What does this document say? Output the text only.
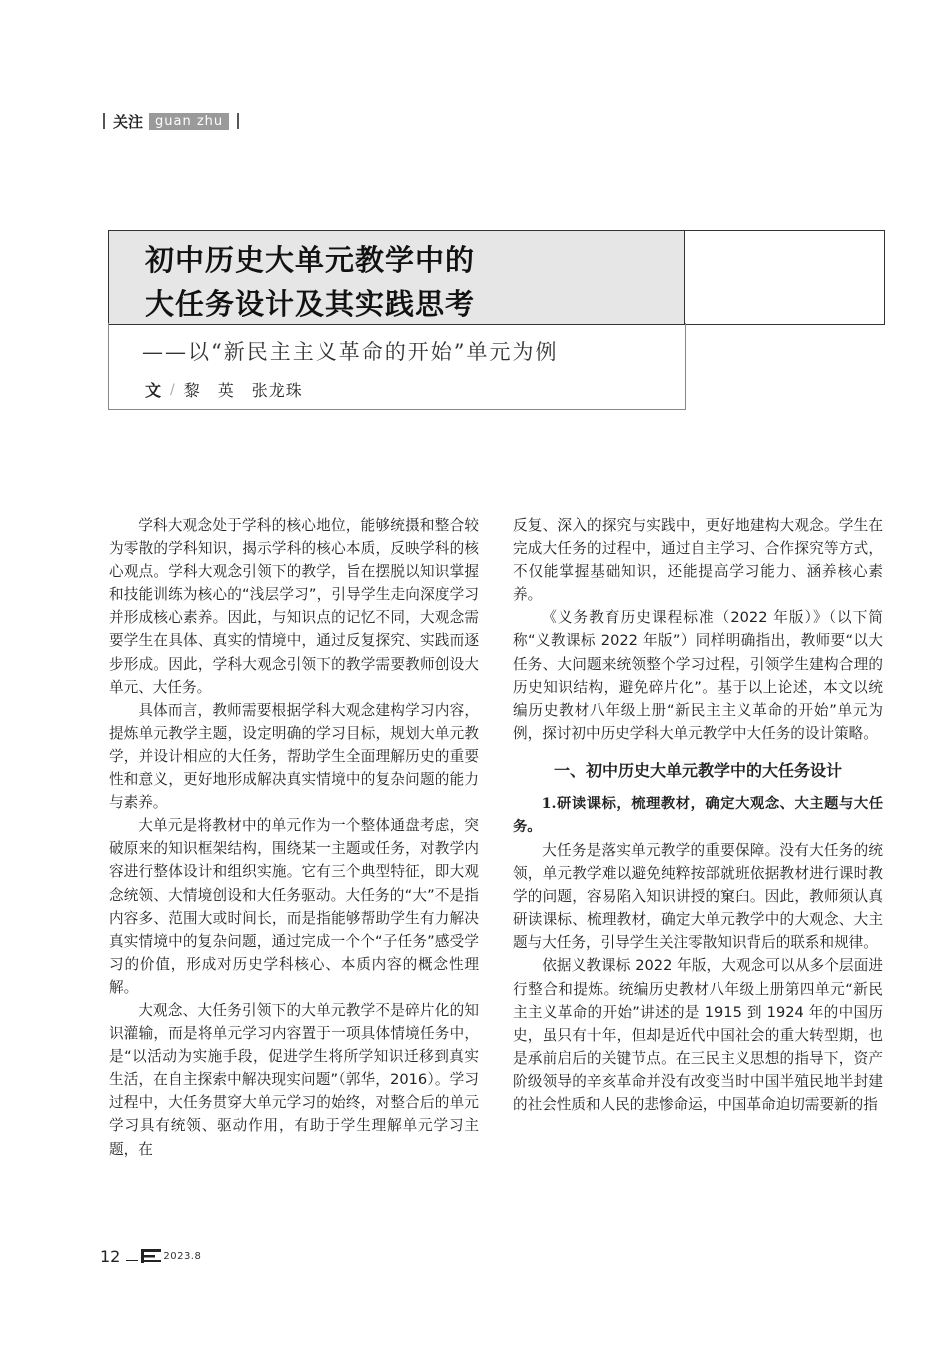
关注 guan zhu
初中历史大单元教学中的
大任务设计及其实践思考
——以“新民主主义革命的开始”单元为例
文 / 黎　英　张龙珠

学科大观念处于学科的核心地位，能够统摄和整合较为零散的学科知识，揭示学科的核心本质，反映学科的核心观点。学科大观念引领下的教学，旨在摆脱以知识掌握和技能训练为核心的“浅层学习”，引导学生走向深度学习并形成核心素养。因此，与知识点的记忆不同，大观念需要学生在具体、真实的情境中，通过反复探究、实践而逐步形成。因此，学科大观念引领下的教学需要教师创设大单元、大任务。

具体而言，教师需要根据学科大观念建构学习内容，提炼单元教学主题，设定明确的学习目标，规划大单元教学，并设计相应的大任务，帮助学生全面理解历史的重要性和意义，更好地形成解决真实情境中的复杂问题的能力与素养。

大单元是将教材中的单元作为一个整体通盘考虑，突破原来的知识框架结构，围绕某一主题或任务，对教学内容进行整体设计和组织实施。它有三个典型特征，即大观念统领、大情境创设和大任务驱动。大任务的“大”不是指内容多、范围大或时间长，而是指能够帮助学生有力解决真实情境中的复杂问题，通过完成一个个“子任务”感受学习的价值，形成对历史学科核心、本质内容的概念性理解。

大观念、大任务引领下的大单元教学不是碎片化的知识灌输，而是将单元学习内容置于一项具体情境任务中，是“以活动为实施手段，促进学生将所学知识迁移到真实生活，在自主探索中解决现实问题”（郭华，2016）。学习过程中，大任务贯穿大单元学习的始终，对整合后的单元学习具有统领、驱动作用，有助于学生理解单元学习主题，在

反复、深入的探究与实践中，更好地建构大观念。学生在完成大任务的过程中，通过自主学习、合作探究等方式，不仅能掌握基础知识，还能提高学习能力、涵养核心素养。

《义务教育历史课程标准（2022 年版）》（以下简称“义教课标 2022 年版”）同样明确指出，教师要“以大任务、大问题来统领整个学习过程，引领学生建构合理的历史知识结构，避免碎片化”。基于以上论述，本文以统编历史教材八年级上册“新民主主义革命的开始”单元为例，探讨初中历史学科大单元教学中大任务的设计策略。

一、初中历史大单元教学中的大任务设计

1.研读课标，梳理教材，确定大观念、大主题与大任务。

大任务是落实单元教学的重要保障。没有大任务的统领，单元教学难以避免纯粹按部就班依据教材进行课时教学的问题，容易陷入知识讲授的窠臼。因此，教师须认真研读课标、梳理教材，确定大单元教学中的大观念、大主题与大任务，引导学生关注零散知识背后的联系和规律。

依据义教课标 2022 年版，大观念可以从多个层面进行整合和提炼。统编历史教材八年级上册第四单元“新民主主义革命的开始”讲述的是 1915 到 1924 年的中国历史，虽只有十年，但却是近代中国社会的重大转型期，也是承前启后的关键节点。在三民主义思想的指导下，资产阶级领导的辛亥革命并没有改变当时中国半殖民地半封建的社会性质和人民的悲惨命运，中国革命迫切需要新的指

12	2023.8
